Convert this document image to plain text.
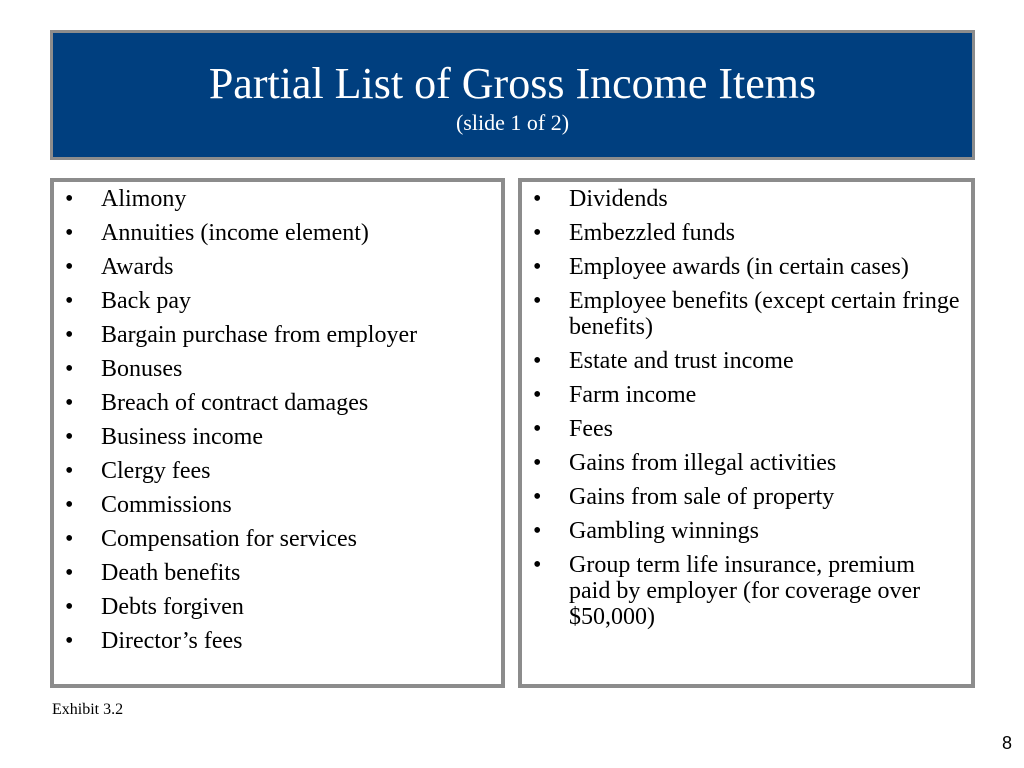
Partial List of Gross Income Items
(slide 1 of 2)
• Alimony
• Annuities (income element)
• Awards
• Back pay
• Bargain purchase from employer
• Bonuses
• Breach of contract damages
• Business income
• Clergy fees
• Commissions
• Compensation for services
• Death benefits
• Debts forgiven
• Director’s fees
• Dividends
• Embezzled funds
• Employee awards (in certain cases)
• Employee benefits (except certain fringe benefits)
• Estate and trust income
• Farm income
• Fees
• Gains from illegal activities
• Gains from sale of property
• Gambling winnings
• Group term life insurance, premium paid by employer (for coverage over $50,000)
Exhibit 3.2
8
